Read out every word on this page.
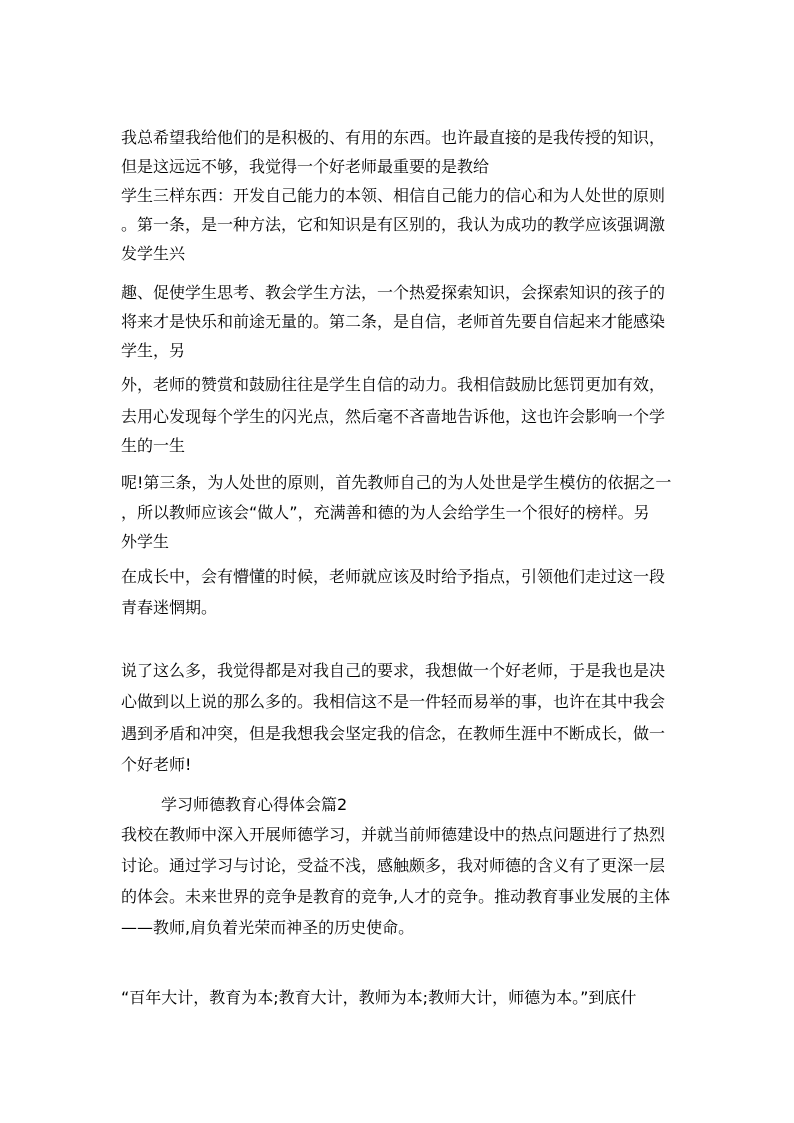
我总希望我给他们的是积极的、有用的东西。也许最直接的是我传授的知识，
但是这远远不够，我觉得一个好老师最重要的是教给
学生三样东西：开发自己能力的本领、相信自己能力的信心和为人处世的原则
。第一条，是一种方法，它和知识是有区别的，我认为成功的教学应该强调激
发学生兴
趣、促使学生思考、教会学生方法，一个热爱探索知识，会探索知识的孩子的
将来才是快乐和前途无量的。第二条，是自信，老师首先要自信起来才能感染
学生，另
外，老师的赞赏和鼓励往往是学生自信的动力。我相信鼓励比惩罚更加有效，
去用心发现每个学生的闪光点，然后毫不吝啬地告诉他，这也许会影响一个学
生的一生
呢!第三条，为人处世的原则，首先教师自己的为人处世是学生模仿的依据之一
，所以教师应该会“做人”，充满善和德的为人会给学生一个很好的榜样。另
外学生
在成长中，会有懵懂的时候，老师就应该及时给予指点，引领他们走过这一段
青春迷惘期。
说了这么多，我觉得都是对我自己的要求，我想做一个好老师，于是我也是决
心做到以上说的那么多的。我相信这不是一件轻而易举的事，也许在其中我会
遇到矛盾和冲突，但是我想我会坚定我的信念，在教师生涯中不断成长，做一
个好老师!
学习师德教育心得体会篇2
我校在教师中深入开展师德学习，并就当前师德建设中的热点问题进行了热烈
讨论。通过学习与讨论，受益不浅，感触颇多，我对师德的含义有了更深一层
的体会。未来世界的竞争是教育的竞争,人才的竞争。推动教育事业发展的主体
——教师,肩负着光荣而神圣的历史使命。
“百年大计，教育为本;教育大计，教师为本;教师大计，师德为本。”到底什
